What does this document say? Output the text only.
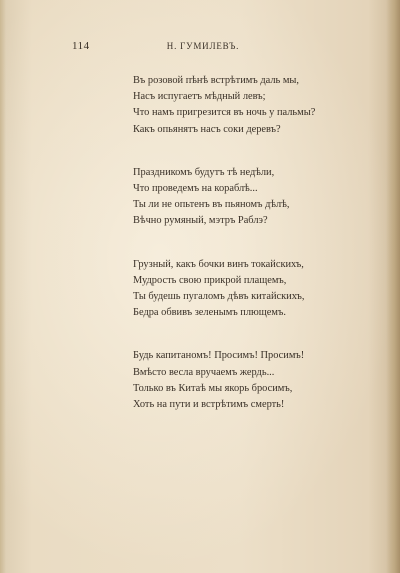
114	Н. ГУМИЛЕВЪ.
Въ розовой пѣнѣ встрѣтимъ даль мы,
Насъ испугаетъ мѣдный левъ;
Что намъ пригрезится въ ночь у пальмы?
Какъ опьянятъ насъ соки деревъ?
Праздникомъ будутъ тѣ недѣли,
Что проведемъ на кораблѣ...
Ты ли не опьтенъ въ пьяномъ дѣлѣ,
Вѣчно румяный, мэтръ Раблэ?
Грузный, какъ бочки винъ токайскихъ,
Мудрость свою прикрой плащемъ,
Ты будешь пугаломъ дѣвъ китайскихъ,
Бедра обвивъ зеленымъ плющемъ.
Будь капитаномъ! Просимъ! Просимъ!
Вмѣсто весла вручаемъ жердь...
Только въ Китаѣ мы якорь бросимъ,
Хоть на пути и встрѣтимъ смерть!
